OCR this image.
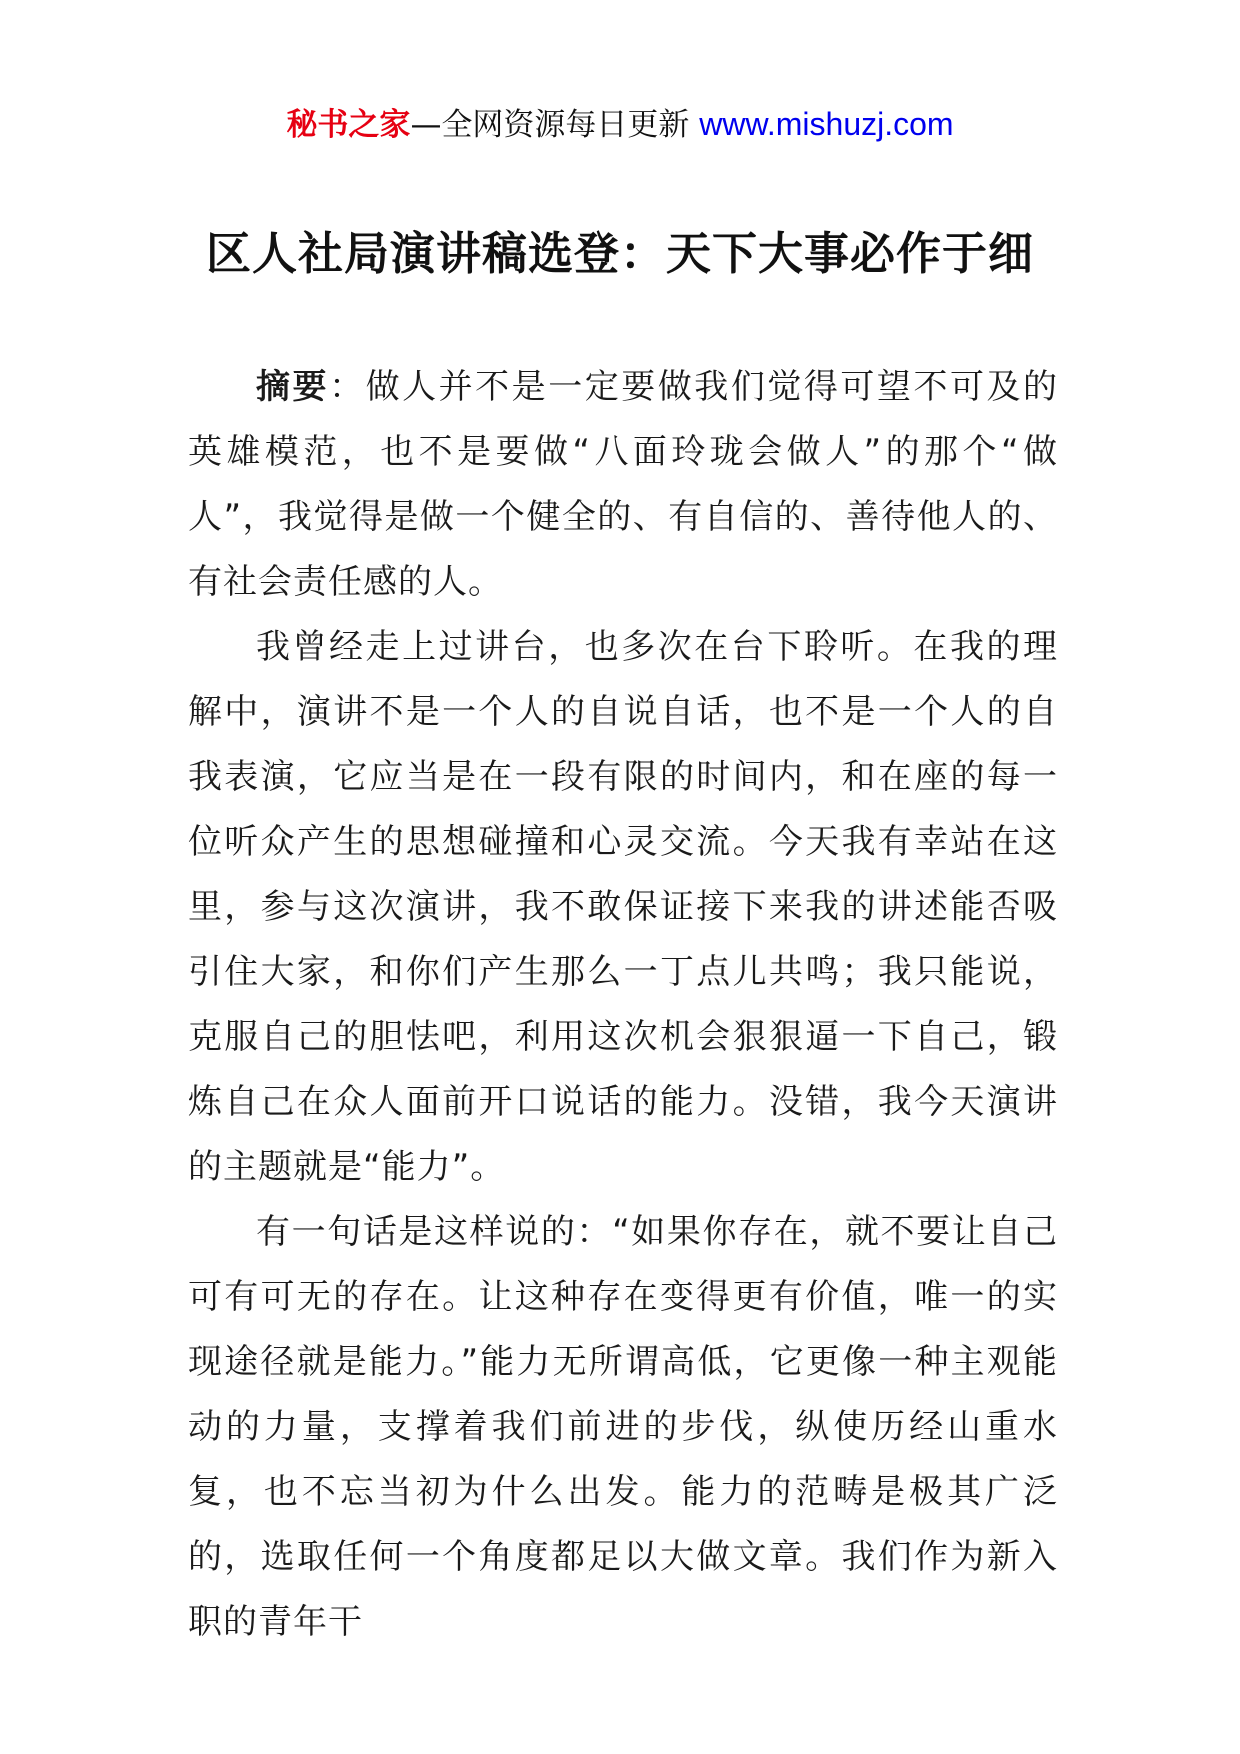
秘书之家—全网资源每日更新 www.mishuzj.com
区人社局演讲稿选登：天下大事必作于细

摘要：做人并不是一定要做我们觉得可望不可及的英雄模范，也不是要做“八面玲珑会做人”的那个“做人”，我觉得是做一个健全的、有自信的、善待他人的、有社会责任感的人。

我曾经走上过讲台，也多次在台下聆听。在我的理解中，演讲不是一个人的自说自话，也不是一个人的自我表演，它应当是在一段有限的时间内，和在座的每一位听众产生的思想碰撞和心灵交流。今天我有幸站在这里，参与这次演讲，我不敢保证接下来我的讲述能否吸引住大家，和你们产生那么一丁点儿共鸣；我只能说，克服自己的胆怯吧，利用这次机会狠狠逼一下自己，锻炼自己在众人面前开口说话的能力。没错，我今天演讲的主题就是“能力”。

有一句话是这样说的：“如果你存在，就不要让自己可有可无的存在。让这种存在变得更有价值，唯一的实现途径就是能力。”能力无所谓高低，它更像一种主观能动的力量，支撑着我们前进的步伐，纵使历经山重水复，也不忘当初为什么出发。能力的范畴是极其广泛的，选取任何一个角度都足以大做文章。我们作为新入职的青年干
